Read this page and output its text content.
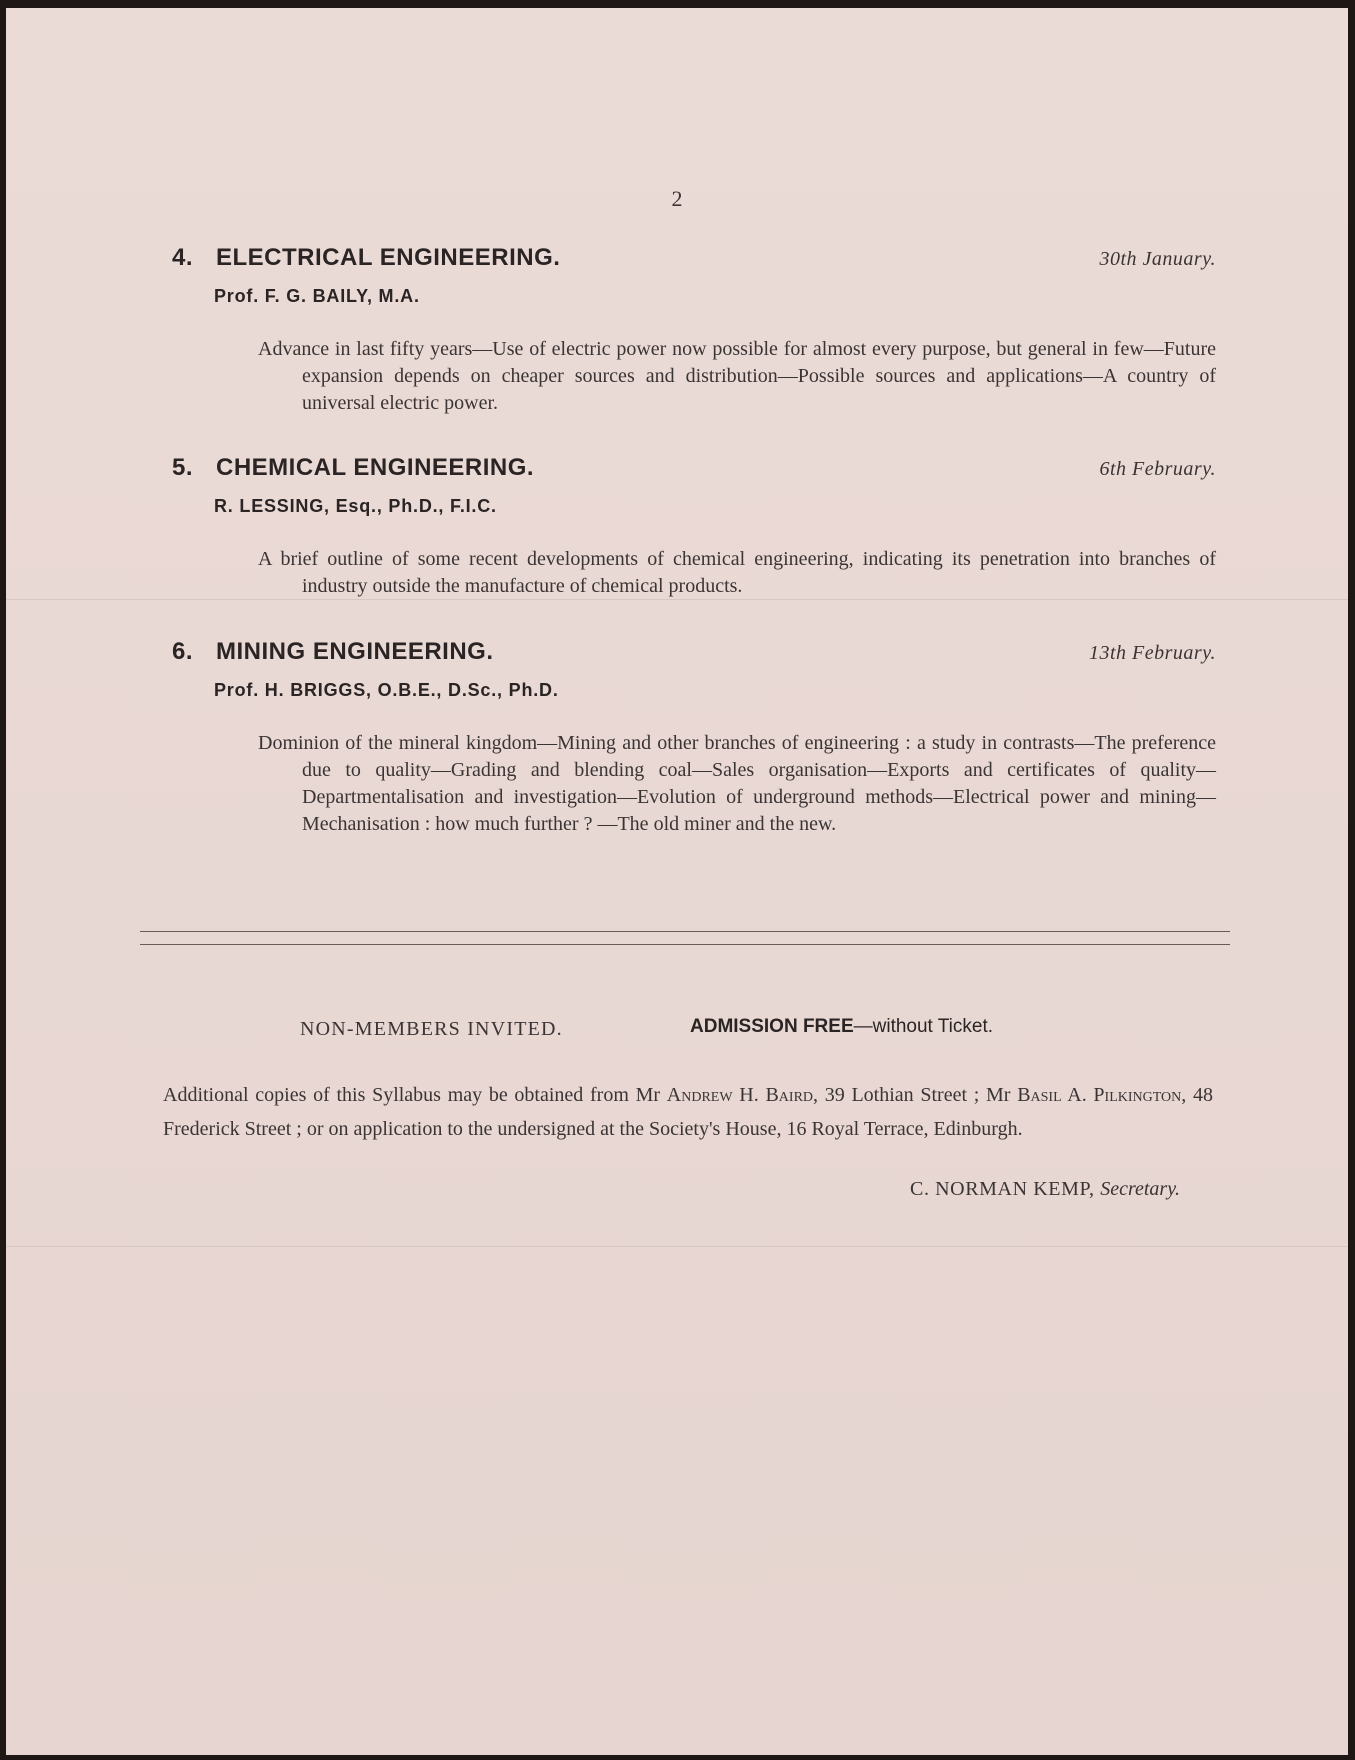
2
4. ELECTRICAL ENGINEERING.	30th January.
Prof. F. G. BAILY, M.A.
Advance in last fifty years—Use of electric power now possible for almost every purpose, but general in few—Future expansion depends on cheaper sources and distribution—Possible sources and applications—A country of universal electric power.
5. CHEMICAL ENGINEERING.	6th February.
R. LESSING, Esq., Ph.D., F.I.C.
A brief outline of some recent developments of chemical engineering, indicating its penetration into branches of industry outside the manufacture of chemical products.
6. MINING ENGINEERING.	13th February.
Prof. H. BRIGGS, O.B.E., D.Sc., Ph.D.
Dominion of the mineral kingdom—Mining and other branches of engineering : a study in contrasts—The preference due to quality—Grading and blending coal—Sales organisation—Exports and certificates of quality—Departmentalisation and investigation—Evolution of underground methods—Electrical power and mining—Mechanisation : how much further ? —The old miner and the new.
NON-MEMBERS INVITED.	ADMISSION FREE—without Ticket.
Additional copies of this Syllabus may be obtained from Mr Andrew H. Baird, 39 Lothian Street ; Mr Basil A. Pilkington, 48 Frederick Street ; or on application to the undersigned at the Society's House, 16 Royal Terrace, Edinburgh.
C. NORMAN KEMP, Secretary.
